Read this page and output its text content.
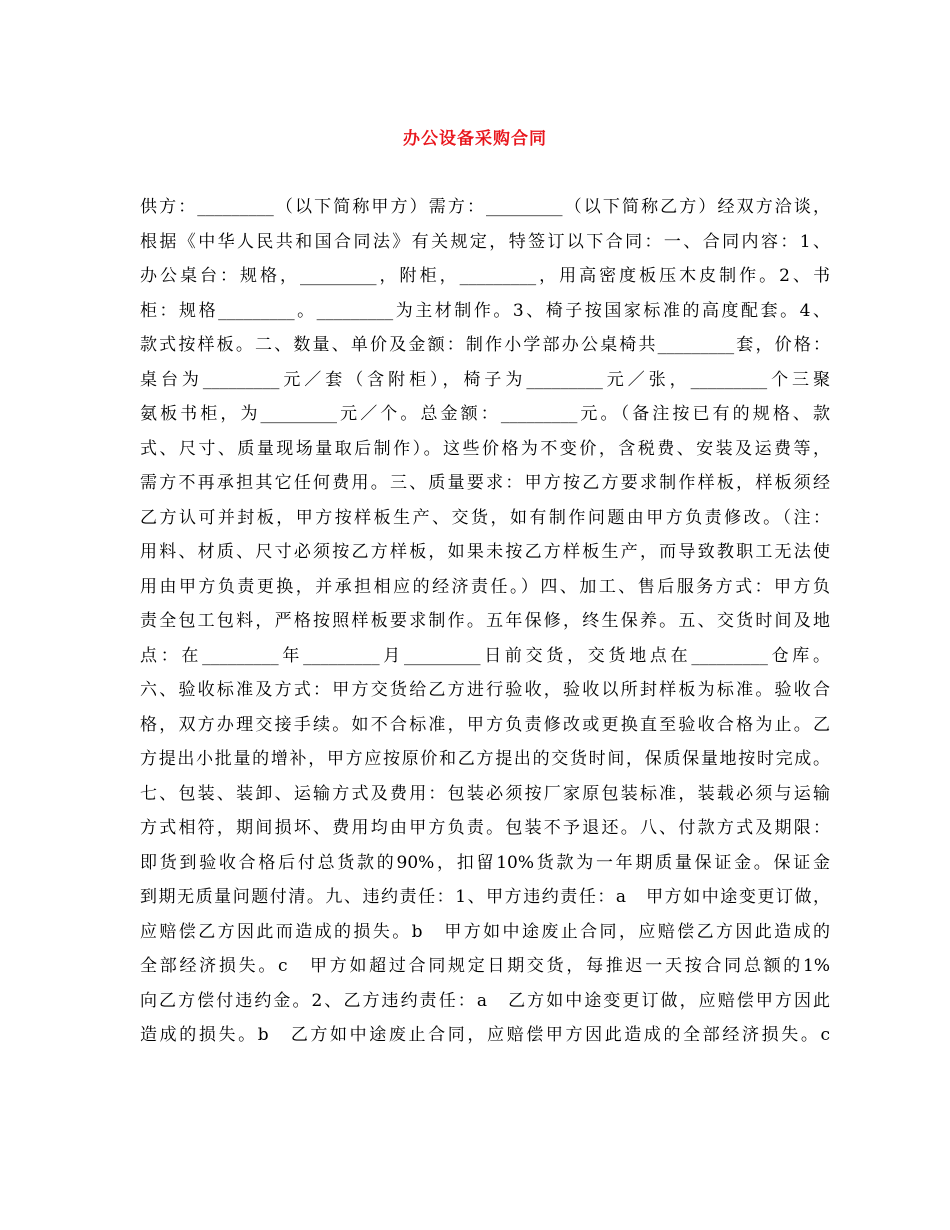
办公设备采购合同
供方：_________（以下简称甲方）需方：_________（以下简称乙方）经双方洽谈，
根据《中华人民共和国合同法》有关规定，特签订以下合同：一、合同内容：1、
办公桌台：规格，_________，附柜，_________，用高密度板压木皮制作。2、书
柜：规格_________。_________为主材制作。3、椅子按国家标准的高度配套。4、
款式按样板。二、数量、单价及金额：制作小学部办公桌椅共_________套，价格：
桌台为_________元／套（含附柜），椅子为_________元／张，_________个三聚
氨板书柜，为_________元／个。总金额：_________元。（备注按已有的规格、款
式、尺寸、质量现场量取后制作）。这些价格为不变价，含税费、安装及运费等，
需方不再承担其它任何费用。三、质量要求：甲方按乙方要求制作样板，样板须经
乙方认可并封板，甲方按样板生产、交货，如有制作问题由甲方负责修改。（注：
用料、材质、尺寸必须按乙方样板，如果未按乙方样板生产，而导致教职工无法使
用由甲方负责更换，并承担相应的经济责任。）四、加工、售后服务方式：甲方负
责全包工包料，严格按照样板要求制作。五年保修，终生保养。五、交货时间及地
点：在_________年_________月_________日前交货，交货地点在_________仓库。
六、验收标准及方式：甲方交货给乙方进行验收，验收以所封样板为标准。验收合
格，双方办理交接手续。如不合标准，甲方负责修改或更换直至验收合格为止。乙
方提出小批量的增补，甲方应按原价和乙方提出的交货时间，保质保量地按时完成。
七、包装、装卸、运输方式及费用：包装必须按厂家原包装标准，装载必须与运输
方式相符，期间损坏、费用均由甲方负责。包装不予退还。八、付款方式及期限：
即货到验收合格后付总货款的90%，扣留10%货款为一年期质量保证金。保证金
到期无质量问题付清。九、违约责任：1、甲方违约责任：a　甲方如中途变更订做，
应赔偿乙方因此而造成的损失。b　甲方如中途废止合同，应赔偿乙方因此造成的
全部经济损失。c　甲方如超过合同规定日期交货，每推迟一天按合同总额的1%
向乙方偿付违约金。2、乙方违约责任：a　乙方如中途变更订做，应赔偿甲方因此
造成的损失。b　乙方如中途废止合同，应赔偿甲方因此造成的全部经济损失。c
